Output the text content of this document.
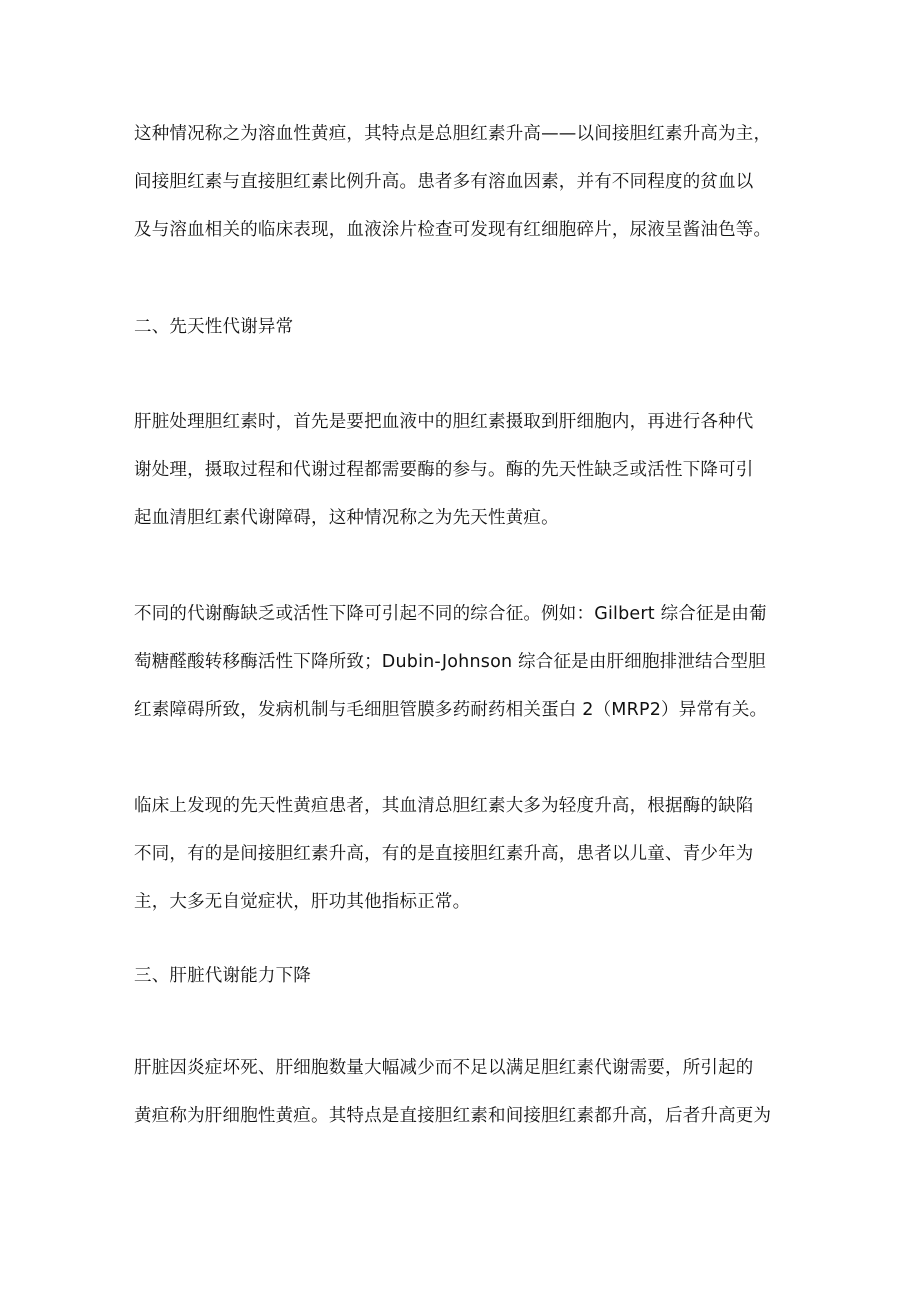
这种情况称之为溶血性黄疸，其特点是总胆红素升高——以间接胆红素升高为主，
间接胆红素与直接胆红素比例升高。患者多有溶血因素，并有不同程度的贫血以
及与溶血相关的临床表现，血液涂片检查可发现有红细胞碎片，尿液呈酱油色等。
二、先天性代谢异常
肝脏处理胆红素时，首先是要把血液中的胆红素摄取到肝细胞内，再进行各种代
谢处理，摄取过程和代谢过程都需要酶的参与。酶的先天性缺乏或活性下降可引
起血清胆红素代谢障碍，这种情况称之为先天性黄疸。
不同的代谢酶缺乏或活性下降可引起不同的综合征。例如：Gilbert 综合征是由葡
萄糖醛酸转移酶活性下降所致；Dubin-Johnson 综合征是由肝细胞排泄结合型胆
红素障碍所致，发病机制与毛细胆管膜多药耐药相关蛋白 2（MRP2）异常有关。
临床上发现的先天性黄疸患者，其血清总胆红素大多为轻度升高，根据酶的缺陷
不同，有的是间接胆红素升高，有的是直接胆红素升高，患者以儿童、青少年为
主，大多无自觉症状，肝功其他指标正常。
三、肝脏代谢能力下降
肝脏因炎症坏死、肝细胞数量大幅减少而不足以满足胆红素代谢需要，所引起的
黄疸称为肝细胞性黄疸。其特点是直接胆红素和间接胆红素都升高，后者升高更为
